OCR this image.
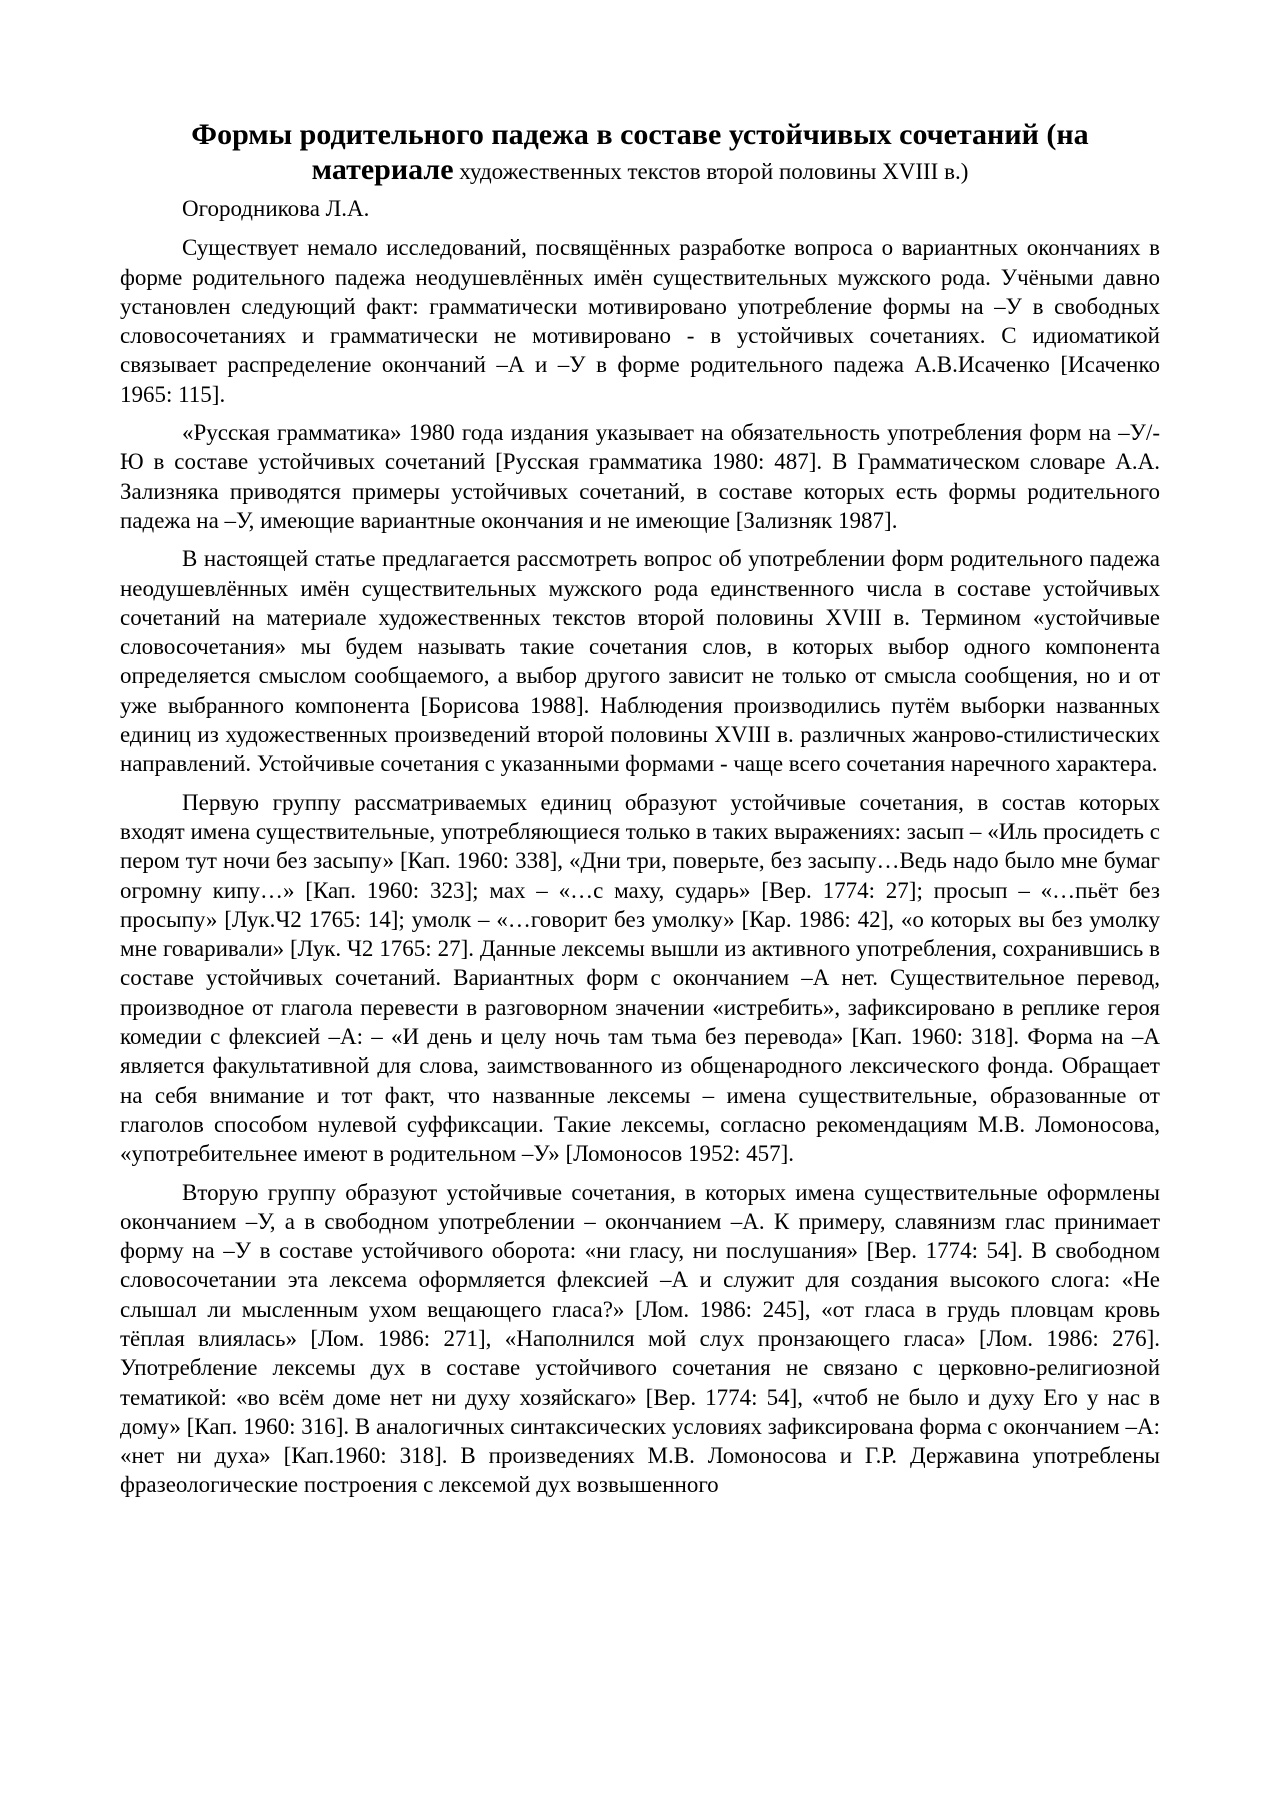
Формы родительного падежа в составе устойчивых сочетаний (на материале художественных текстов второй половины XVIII в.)
Огородникова Л.А.

Существует немало исследований, посвящённых разработке вопроса о вариантных окончаниях в форме родительного падежа неодушевлённых имён существительных мужского рода. Учёными давно установлен следующий факт: грамматически мотивировано употребление формы на –У в свободных словосочетаниях и грамматически не мотивировано - в устойчивых сочетаниях. С идиоматикой связывает распределение окончаний –А и –У в форме родительного падежа А.В.Исаченко [Исаченко 1965: 115].

«Русская грамматика» 1980 года издания указывает на обязательность употребления форм на –У/-Ю в составе устойчивых сочетаний [Русская грамматика 1980: 487]. В Грамматическом словаре А.А. Зализняка приводятся примеры устойчивых сочетаний, в составе которых есть формы родительного падежа на –У, имеющие вариантные окончания и не имеющие [Зализняк 1987].

В настоящей статье предлагается рассмотреть вопрос об употреблении форм родительного падежа неодушевлённых имён существительных мужского рода единственного числа в составе устойчивых сочетаний на материале художественных текстов второй половины XVIII в. Термином «устойчивые словосочетания» мы будем называть такие сочетания слов, в которых выбор одного компонента определяется смыслом сообщаемого, а выбор другого зависит не только от смысла сообщения, но и от уже выбранного компонента [Борисова 1988]. Наблюдения производились путём выборки названных единиц из художественных произведений второй половины XVIII в. различных жанрово-стилистических направлений. Устойчивые сочетания с указанными формами - чаще всего сочетания наречного характера.

Первую группу рассматриваемых единиц образуют устойчивые сочетания, в состав которых входят имена существительные, употребляющиеся только в таких выражениях: засып – «Иль просидеть с пером тут ночи без засыпу» [Кап. 1960: 338], «Дни три, поверьте, без засыпу…Ведь надо было мне бумаг огромну кипу…» [Кап. 1960: 323]; мах – «…с маху, сударь» [Вер. 1774: 27]; просып – «…пьёт без просыпу» [Лук.Ч2 1765: 14]; умолк – «…говорит без умолку» [Кар. 1986: 42], «о которых вы без умолку мне говаривали» [Лук. Ч2 1765: 27]. Данные лексемы вышли из активного употребления, сохранившись в составе устойчивых сочетаний. Вариантных форм с окончанием –А нет. Существительное перевод, производное от глагола перевести в разговорном значении «истребить», зафиксировано в реплике героя комедии с флексией –А: – «И день и целу ночь там тьма без перевода» [Кап. 1960: 318]. Форма на –А является факультативной для слова, заимствованного из общенародного лексического фонда. Обращает на себя внимание и тот факт, что названные лексемы – имена существительные, образованные от глаголов способом нулевой суффиксации. Такие лексемы, согласно рекомендациям М.В. Ломоносова, «употребительнее имеют в родительном –У» [Ломоносов 1952: 457].

Вторую группу образуют устойчивые сочетания, в которых имена существительные оформлены окончанием –У, а в свободном употреблении – окончанием –А. К примеру, славянизм глас принимает форму на –У в составе устойчивого оборота: «ни гласу, ни послушания» [Вер. 1774: 54]. В свободном словосочетании эта лексема оформляется флексией –А и служит для создания высокого слога: «Не слышал ли мысленным ухом вещающего гласа?» [Лом. 1986: 245], «от гласа в грудь пловцам кровь тёплая влиялась» [Лом. 1986: 271], «Наполнился мой слух пронзающего гласа» [Лом. 1986: 276]. Употребление лексемы дух в составе устойчивого сочетания не связано с церковно-религиозной тематикой: «во всём доме нет ни духу хозяйскаго» [Вер. 1774: 54], «чтоб не было и духу Его у нас в дому» [Кап. 1960: 316]. В аналогичных синтаксических условиях зафиксирована форма с окончанием –А: «нет ни духа» [Кап.1960: 318]. В произведениях М.В. Ломоносова и Г.Р. Державина употреблены фразеологические построения с лексемой дух возвышенного
